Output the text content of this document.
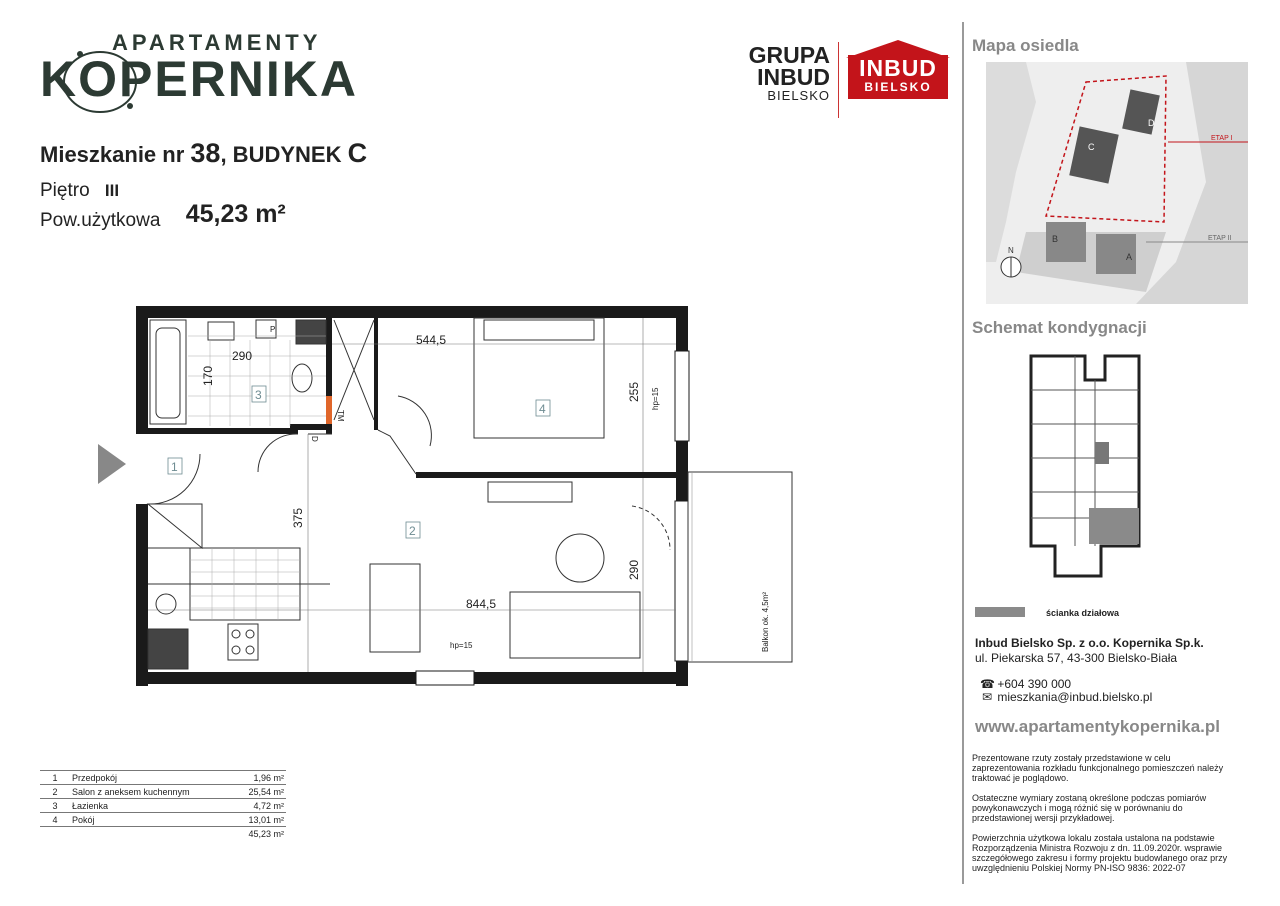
APARTAMENTY
KOPERNIKA	GRUPA
INBUD
BIELSKO
INBUD
BIELSKO
Mieszkanie nr 38, BUDYNEK C
Piętro III
Pow.użytkowa 45,23 m²
544,5
290
170
255
375
290
844,5
hp=15
hp=15
TM
D
P
Balkon ok. 4,5m²
1
2
3
4
1	Przedpokój	1,96 m²
2	Salon z aneksem kuchennym	25,54 m²
3	Łazienka	4,72 m²
4	Pokój	13,01 m²
		45,23 m²
Mapa osiedla
ETAP I
ETAP II
C
D
B
A
N
Schemat kondygnacji
ścianka działowa
Inbud Bielsko Sp. z o.o. Kopernika Sp.k.
ul. Piekarska 57, 43-300 Bielsko-Biała
☎ +604 390 000
✉ mieszkania@inbud.bielsko.pl
www.apartamentykopernika.pl
Prezentowane rzuty zostały przedstawione w celu zaprezentowania rozkładu funkcjonalnego pomieszczeń należy traktować je poglądowo.
Ostateczne wymiary zostaną określone podczas pomiarów powykonawczych i mogą różnić się w porównaniu do przedstawionej wersji przykładowej.
Powierzchnia użytkowa lokalu została ustalona na podstawie Rozporządzenia Ministra Rozwoju z dn. 11.09.2020r. wsprawie szczegółowego zakresu i formy projektu budowlanego oraz przy uwzględnieniu Polskiej Normy PN-ISO 9836: 2022-07
